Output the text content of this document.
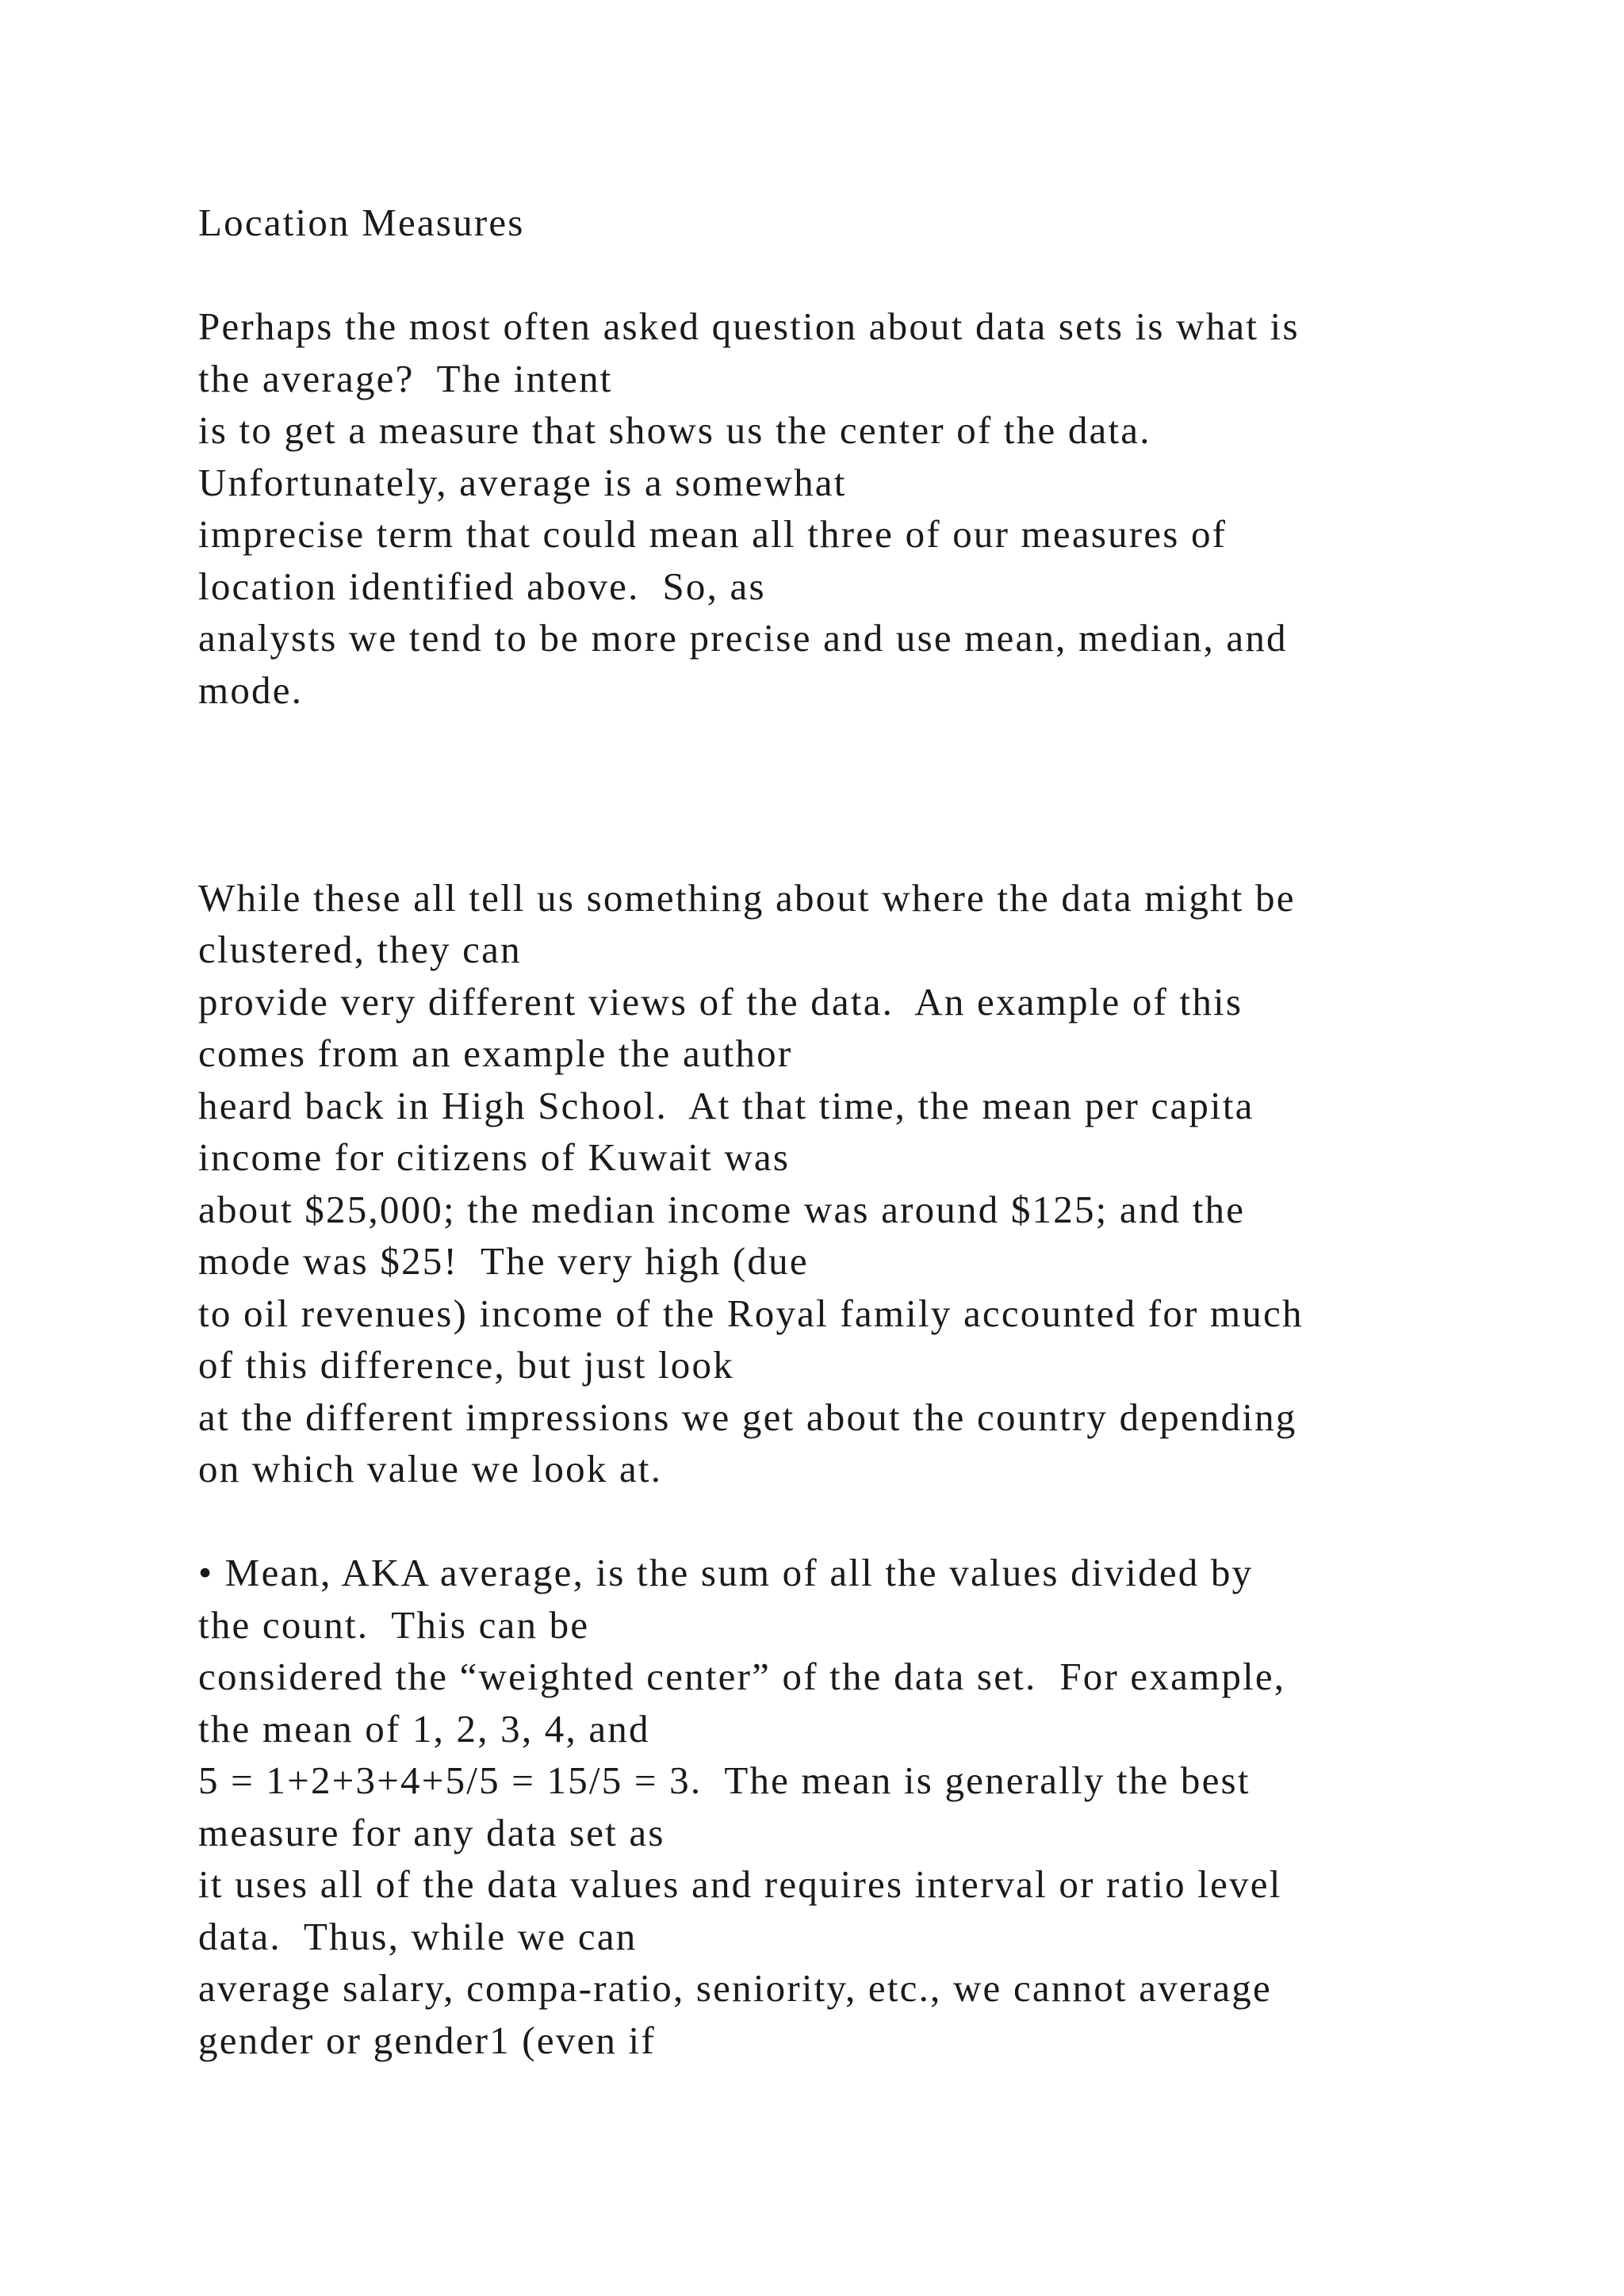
Location Measures
Perhaps the most often asked question about data sets is what is
the average?  The intent
is to get a measure that shows us the center of the data.
Unfortunately, average is a somewhat
imprecise term that could mean all three of our measures of
location identified above.  So, as
analysts we tend to be more precise and use mean, median, and
mode.
While these all tell us something about where the data might be
clustered, they can
provide very different views of the data.  An example of this
comes from an example the author
heard back in High School.  At that time, the mean per capita
income for citizens of Kuwait was
about $25,000; the median income was around $125; and the
mode was $25!  The very high (due
to oil revenues) income of the Royal family accounted for much
of this difference, but just look
at the different impressions we get about the country depending
on which value we look at.
• Mean, AKA average, is the sum of all the values divided by
the count.  This can be
considered the “weighted center” of the data set.  For example,
the mean of 1, 2, 3, 4, and
5 = 1+2+3+4+5/5 = 15/5 = 3.  The mean is generally the best
measure for any data set as
it uses all of the data values and requires interval or ratio level
data.  Thus, while we can
average salary, compa-ratio, seniority, etc., we cannot average
gender or gender1 (even if
